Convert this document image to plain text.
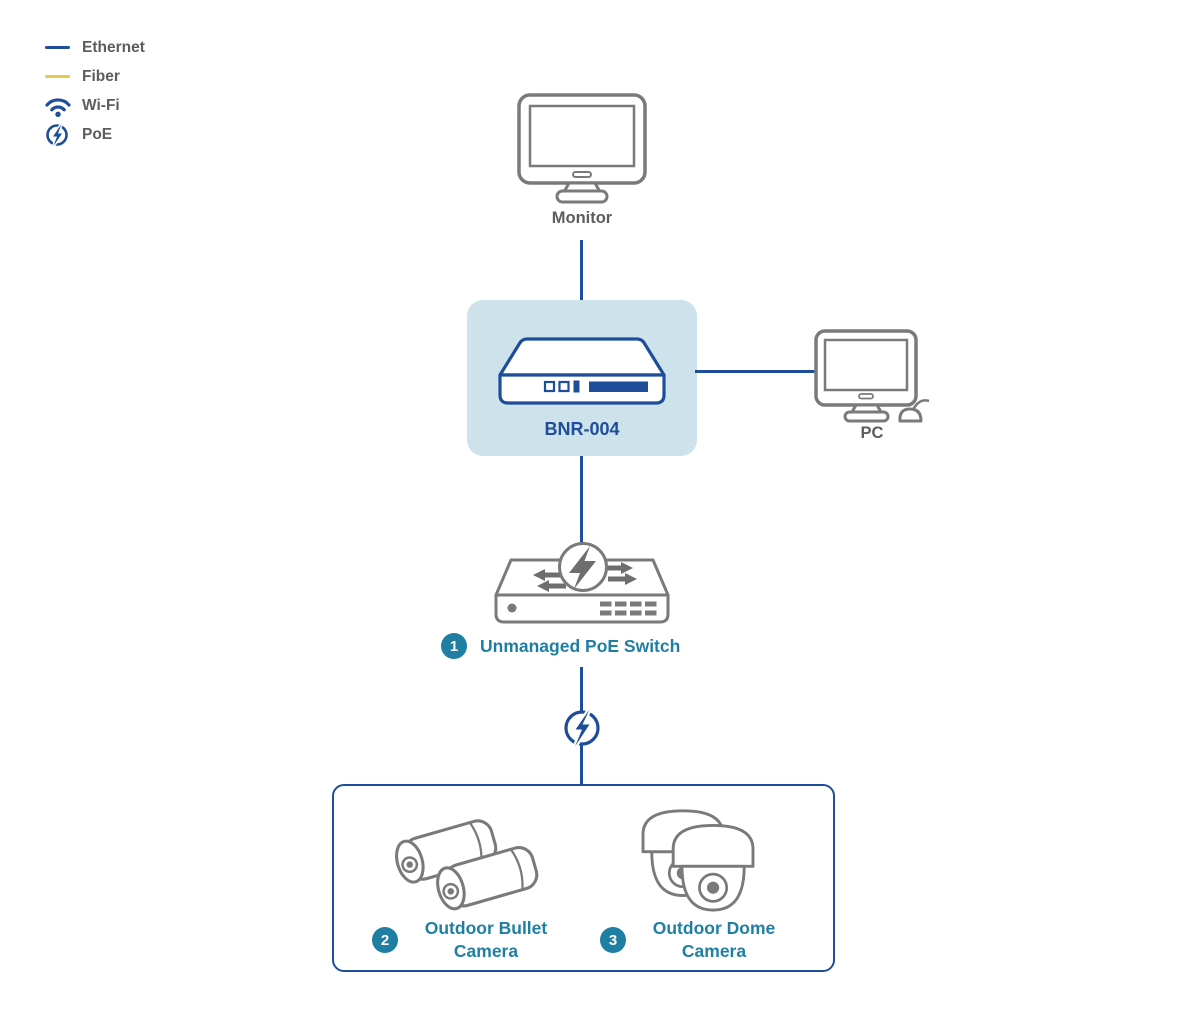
Ethernet
Fiber
Wi-Fi
PoE
Monitor
BNR-004	PC
1	Unmanaged PoE Switch
2
Outdoor Bullet
Camera
3
Outdoor Dome
Camera
